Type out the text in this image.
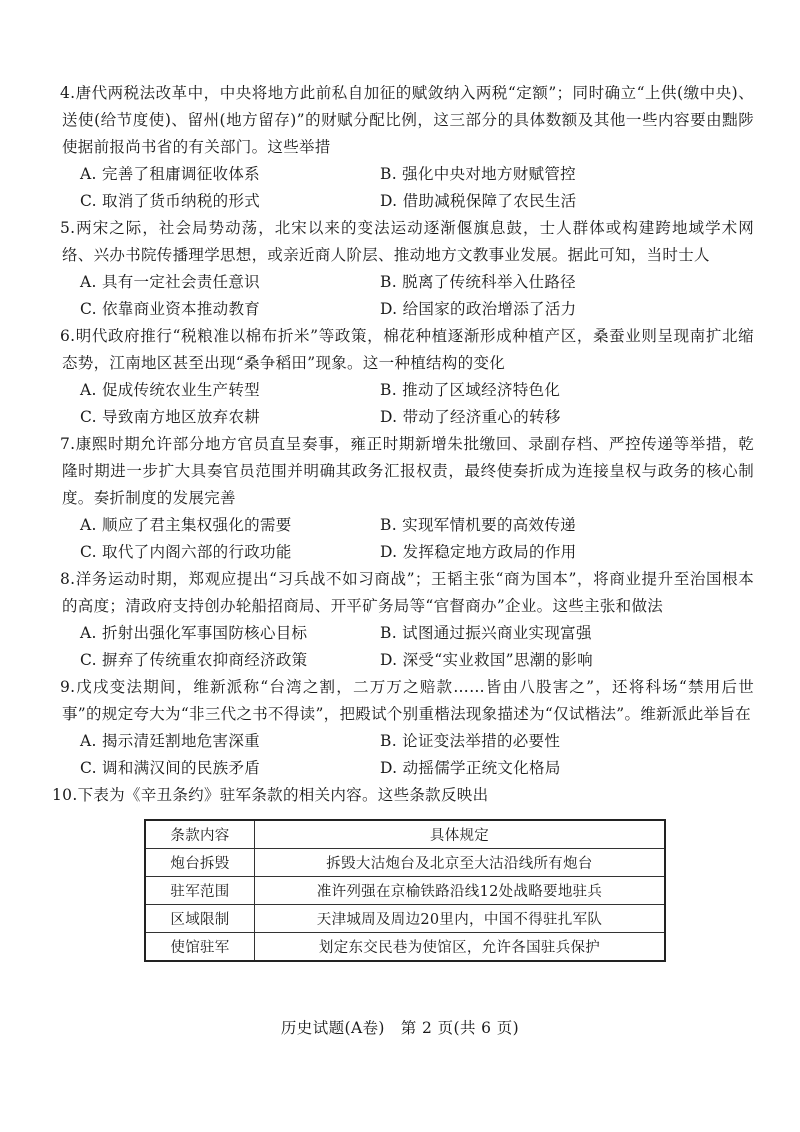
4.唐代两税法改革中，中央将地方此前私自加征的赋敛纳入两税“定额”；同时确立“上供(缴中央)、送使(给节度使)、留州(地方留存)”的财赋分配比例，这三部分的具体数额及其他一些内容要由黜陟使据前报尚书省的有关部门。这些举措

A. 完善了租庸调征收体系	B. 强化中央对地方财赋管控
C. 取消了货币纳税的形式	D. 借助减税保障了农民生活

5.两宋之际，社会局势动荡，北宋以来的变法运动逐渐偃旗息鼓，士人群体或构建跨地域学术网络、兴办书院传播理学思想，或亲近商人阶层、推动地方文教事业发展。据此可知，当时士人

A. 具有一定社会责任意识	B. 脱离了传统科举入仕路径
C. 依靠商业资本推动教育	D. 给国家的政治增添了活力

6.明代政府推行“税粮准以棉布折米”等政策，棉花种植逐渐形成种植产区，桑蚕业则呈现南扩北缩态势，江南地区甚至出现“桑争稻田”现象。这一种植结构的变化

A. 促成传统农业生产转型	B. 推动了区域经济特色化
C. 导致南方地区放弃农耕	D. 带动了经济重心的转移

7.康熙时期允许部分地方官员直呈奏事，雍正时期新增朱批缴回、录副存档、严控传递等举措，乾隆时期进一步扩大具奏官员范围并明确其政务汇报权责，最终使奏折成为连接皇权与政务的核心制度。奏折制度的发展完善

A. 顺应了君主集权强化的需要	B. 实现军情机要的高效传递
C. 取代了内阁六部的行政功能	D. 发挥稳定地方政局的作用

8.洋务运动时期，郑观应提出“习兵战不如习商战”；王韬主张“商为国本”，将商业提升至治国根本的高度；清政府支持创办轮船招商局、开平矿务局等“官督商办”企业。这些主张和做法

A. 折射出强化军事国防核心目标	B. 试图通过振兴商业实现富强
C. 摒弃了传统重农抑商经济政策	D. 深受“实业救国”思潮的影响

9.戊戌变法期间，维新派称“台湾之割，二万万之赔款……皆由八股害之”，还将科场“禁用后世事”的规定夸大为“非三代之书不得读”，把殿试个别重楷法现象描述为“仅试楷法”。维新派此举旨在

A. 揭示清廷割地危害深重	B. 论证变法举措的必要性
C. 调和满汉间的民族矛盾	D. 动摇儒学正统文化格局

10.下表为《辛丑条约》驻军条款的相关内容。这些条款反映出

条款内容	具体规定
炮台拆毁	拆毁大沽炮台及北京至大沽沿线所有炮台
驻军范围	准许列强在京榆铁路沿线12处战略要地驻兵
区域限制	天津城周及周边20里内，中国不得驻扎军队
使馆驻军	划定东交民巷为使馆区，允许各国驻兵保护
历史试题(A卷)　第 2 页(共 6 页)
